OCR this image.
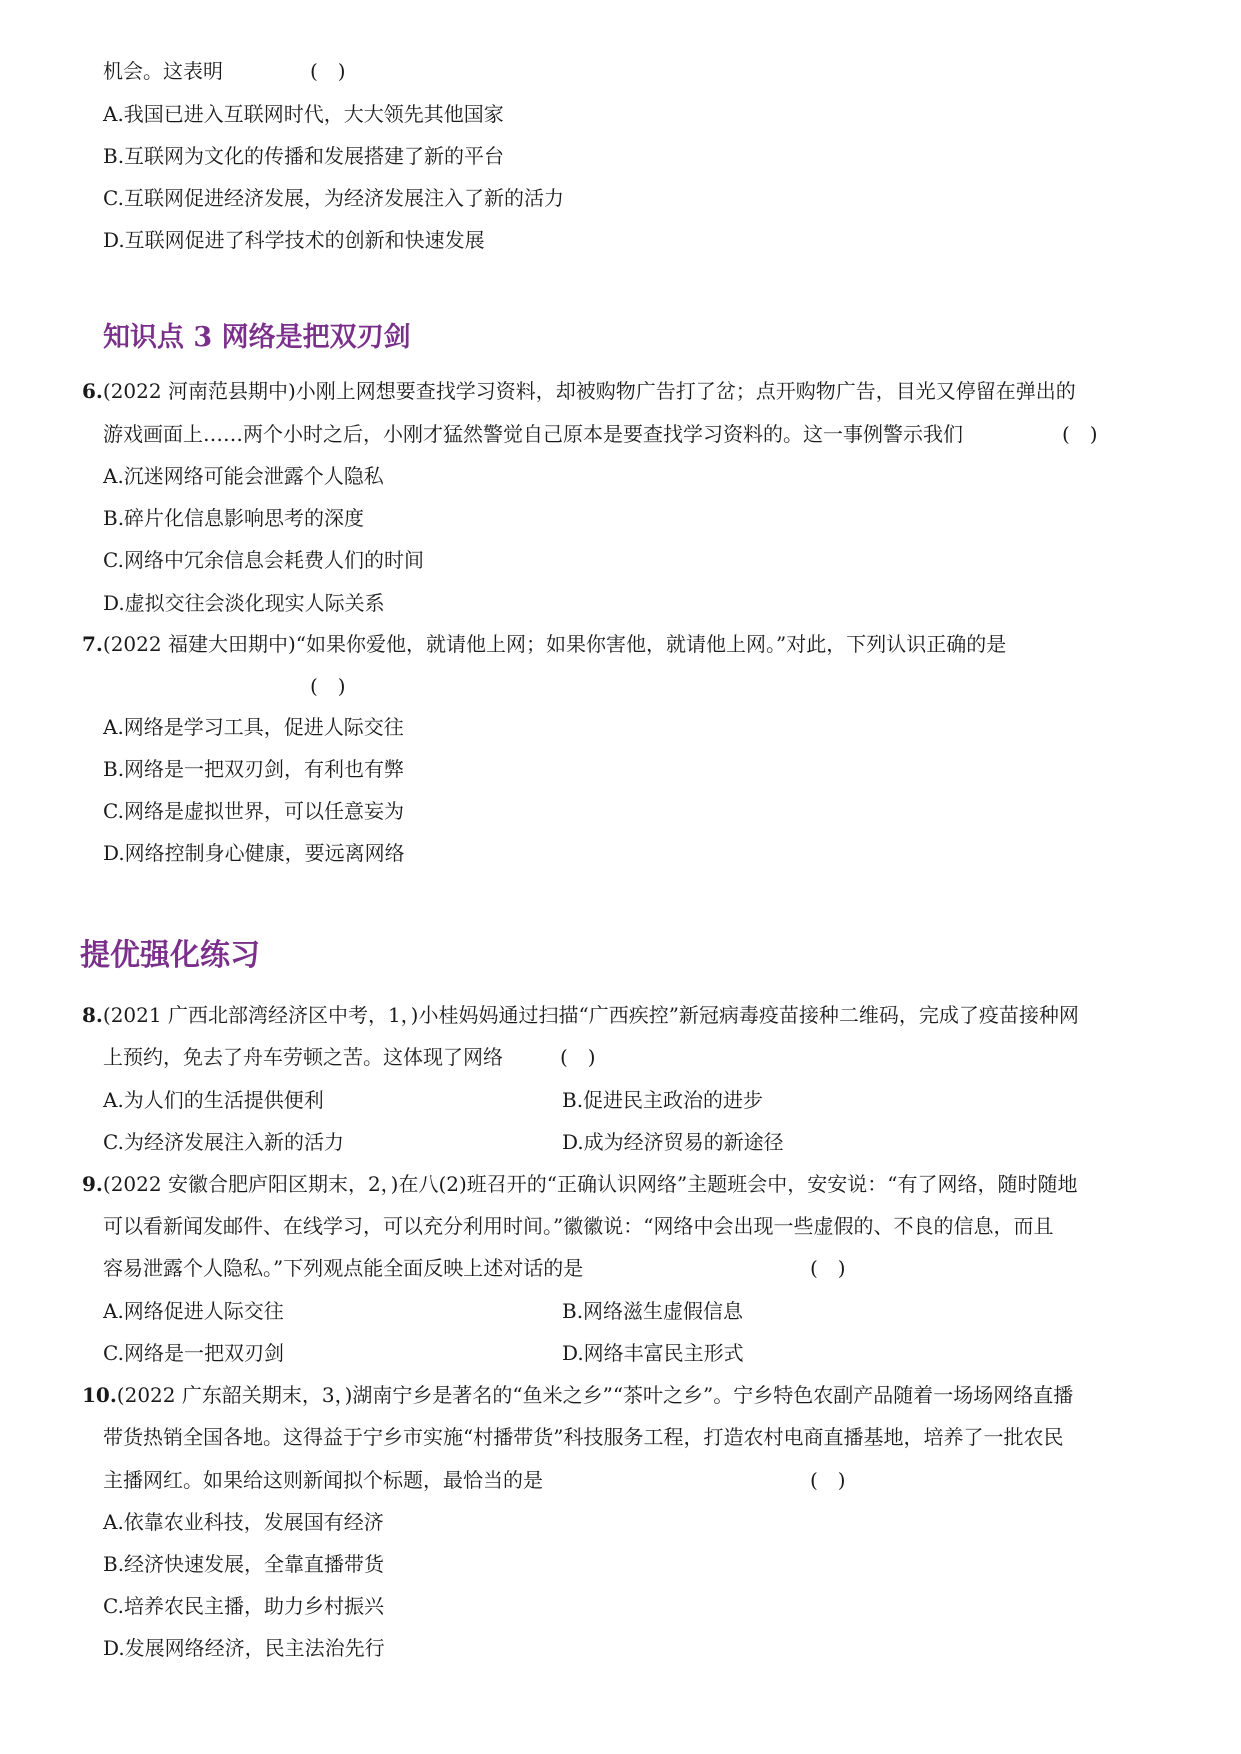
机会。这表明	(　)
A.我国已进入互联网时代，大大领先其他国家
B.互联网为文化的传播和发展搭建了新的平台
C.互联网促进经济发展，为经济发展注入了新的活力
D.互联网促进了科学技术的创新和快速发展
知识点 3 网络是把双刃剑
6.(2022 河南范县期中)小刚上网想要查找学习资料，却被购物广告打了岔；点开购物广告，目光又停留在弹出的
游戏画面上……两个小时之后，小刚才猛然警觉自己原本是要查找学习资料的。这一事例警示我们	(　)
A.沉迷网络可能会泄露个人隐私
B.碎片化信息影响思考的深度
C.网络中冗余信息会耗费人们的时间
D.虚拟交往会淡化现实人际关系
7.(2022 福建大田期中)“如果你爱他，就请他上网；如果你害他，就请他上网。”对此，下列认识正确的是
(　)
A.网络是学习工具，促进人际交往
B.网络是一把双刃剑，有利也有弊
C.网络是虚拟世界，可以任意妄为
D.网络控制身心健康，要远离网络
提优强化练习
8.(2021 广西北部湾经济区中考，1，)小桂妈妈通过扫描“广西疾控”新冠病毒疫苗接种二维码，完成了疫苗接种网
上预约，免去了舟车劳顿之苦。这体现了网络	(　)
A.为人们的生活提供便利	B.促进民主政治的进步
C.为经济发展注入新的活力	D.成为经济贸易的新途径
9.(2022 安徽合肥庐阳区期末，2，)在八(2)班召开的“正确认识网络”主题班会中，安安说：“有了网络，随时随地
可以看新闻发邮件、在线学习，可以充分利用时间。”徽徽说：“网络中会出现一些虚假的、不良的信息，而且
容易泄露个人隐私。”下列观点能全面反映上述对话的是	(　)
A.网络促进人际交往	B.网络滋生虚假信息
C.网络是一把双刃剑	D.网络丰富民主形式
10.(2022 广东韶关期末，3，)湖南宁乡是著名的“鱼米之乡”“茶叶之乡”。宁乡特色农副产品随着一场场网络直播
带货热销全国各地。这得益于宁乡市实施“村播带货”科技服务工程，打造农村电商直播基地，培养了一批农民
主播网红。如果给这则新闻拟个标题，最恰当的是	(　)
A.依靠农业科技，发展国有经济
B.经济快速发展，全靠直播带货
C.培养农民主播，助力乡村振兴
D.发展网络经济，民主法治先行
